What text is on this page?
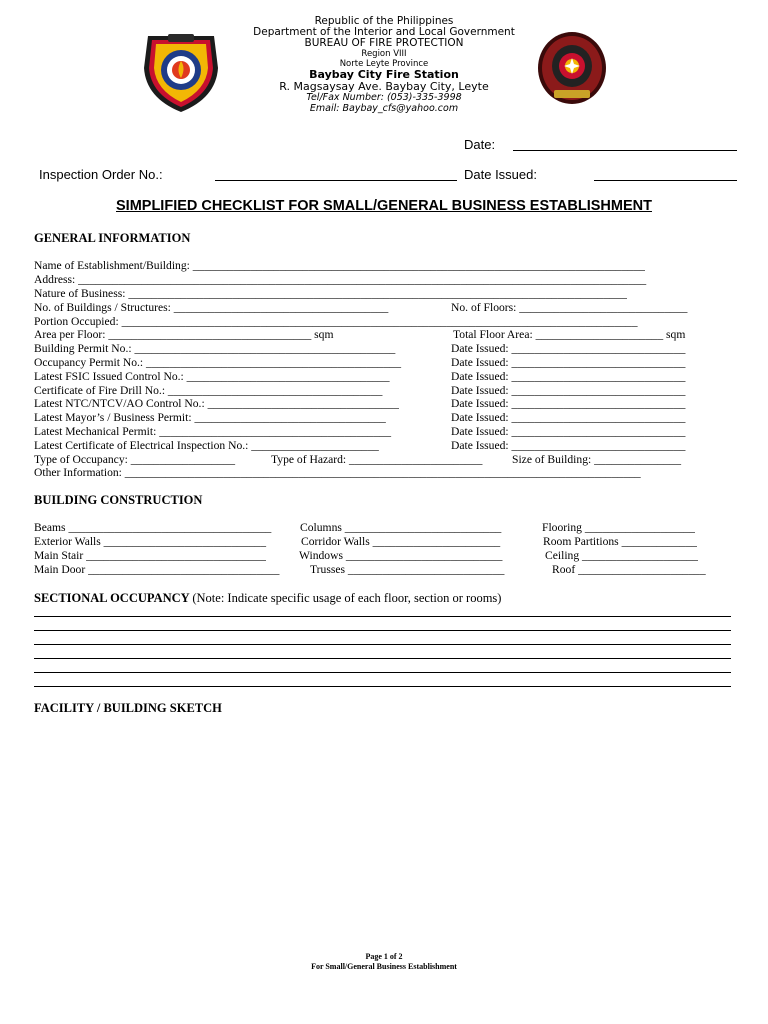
Republic of the Philippines
Department of the Interior and Local Government
BUREAU OF FIRE PROTECTION
Region VIII
Norte Leyte Province
Baybay City Fire Station
R. Magsaysay Ave. Baybay City, Leyte
Tel/Fax Number: (053)-335-3998
Email: Baybay_cfs@yahoo.com
Date:
Inspection Order No.:	Date Issued:
SIMPLIFIED CHECKLIST FOR SMALL/GENERAL BUSINESS ESTABLISHMENT
GENERAL INFORMATION
Name of Establishment/Building: ______________________________________________________________________________
Address: __________________________________________________________________________________________________
Nature of Business: ______________________________________________________________________________________
No. of Buildings / Structures: _____________________________________	No. of Floors: _____________________________
Portion Occupied: _________________________________________________________________________________________
Area per Floor: ___________________________________ sqm	Total Floor Area: ______________________ sqm
Building Permit No.: _____________________________________________	Date Issued: ______________________________
Occupancy Permit No.: ____________________________________________	Date Issued: ______________________________
Latest FSIC Issued Control No.: ___________________________________	Date Issued: ______________________________
Certificate of Fire Drill No.: _____________________________________	Date Issued: ______________________________
Latest NTC/NTCV/AO Control No.: _________________________________	Date Issued: ______________________________
Latest Mayor’s / Business Permit: _________________________________	Date Issued: ______________________________
Latest Mechanical Permit: ________________________________________	Date Issued: ______________________________
Latest Certificate of Electrical Inspection No.: ______________________	Date Issued: ______________________________
Type of Occupancy: __________________	Type of Hazard: _______________________	Size of Building: _______________
Other Information: _________________________________________________________________________________________
BUILDING CONSTRUCTION
Beams ___________________________________ Columns ___________________________	Flooring ___________________
Exterior Walls ____________________________	Corridor Walls ______________________	Room Partitions _____________
Main Stair _______________________________	Windows ___________________________	Ceiling ____________________
Main Door _________________________________	Trusses ___________________________	Roof ______________________
SECTIONAL OCCUPANCY (Note: Indicate specific usage of each floor, section or rooms)
FACILITY / BUILDING SKETCH
Page 1 of 2
For Small/General Business Establishment
